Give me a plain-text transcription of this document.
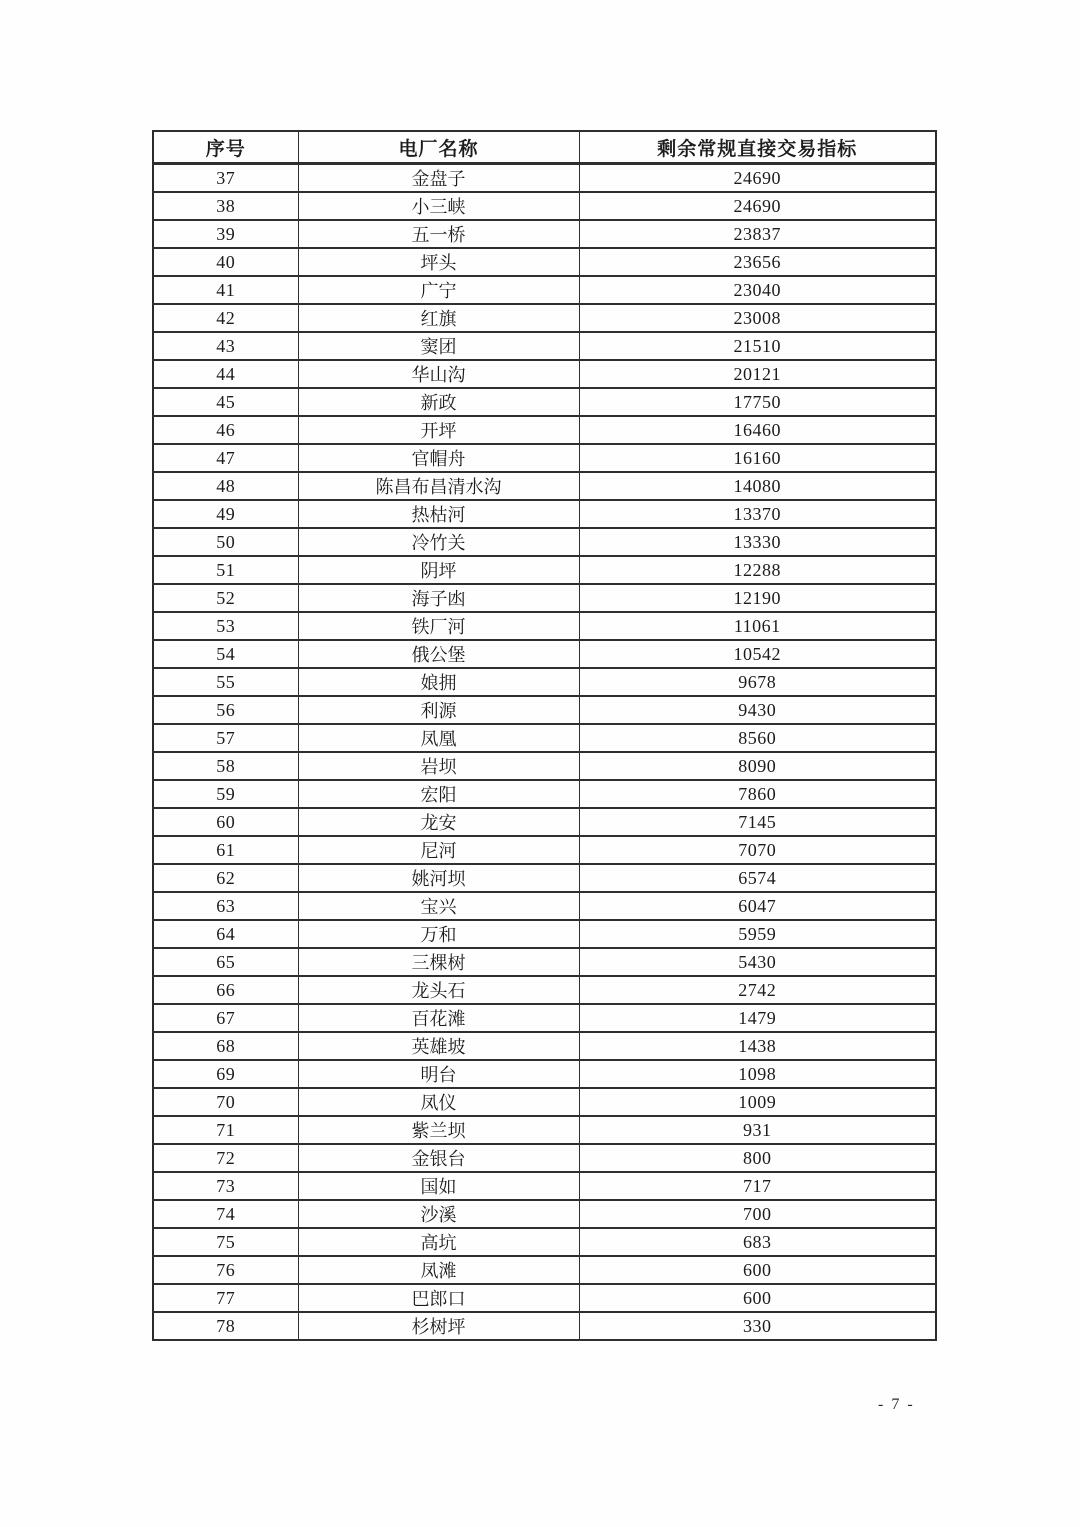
序号	电厂名称	剩余常规直接交易指标
37	金盘子	24690
38	小三峡	24690
39	五一桥	23837
40	坪头	23656
41	广宁	23040
42	红旗	23008
43	窦团	21510
44	华山沟	20121
45	新政	17750
46	开坪	16460
47	官帽舟	16160
48	陈昌布昌清水沟	14080
49	热枯河	13370
50	冷竹关	13330
51	阴坪	12288
52	海子凼	12190
53	铁厂河	11061
54	俄公堡	10542
55	娘拥	9678
56	利源	9430
57	凤凰	8560
58	岩坝	8090
59	宏阳	7860
60	龙安	7145
61	尼河	7070
62	姚河坝	6574
63	宝兴	6047
64	万和	5959
65	三棵树	5430
66	龙头石	2742
67	百花滩	1479
68	英雄坡	1438
69	明台	1098
70	凤仪	1009
71	紫兰坝	931
72	金银台	800
73	国如	717
74	沙溪	700
75	高坑	683
76	凤滩	600
77	巴郎口	600
78	杉树坪	330
- 7 -
